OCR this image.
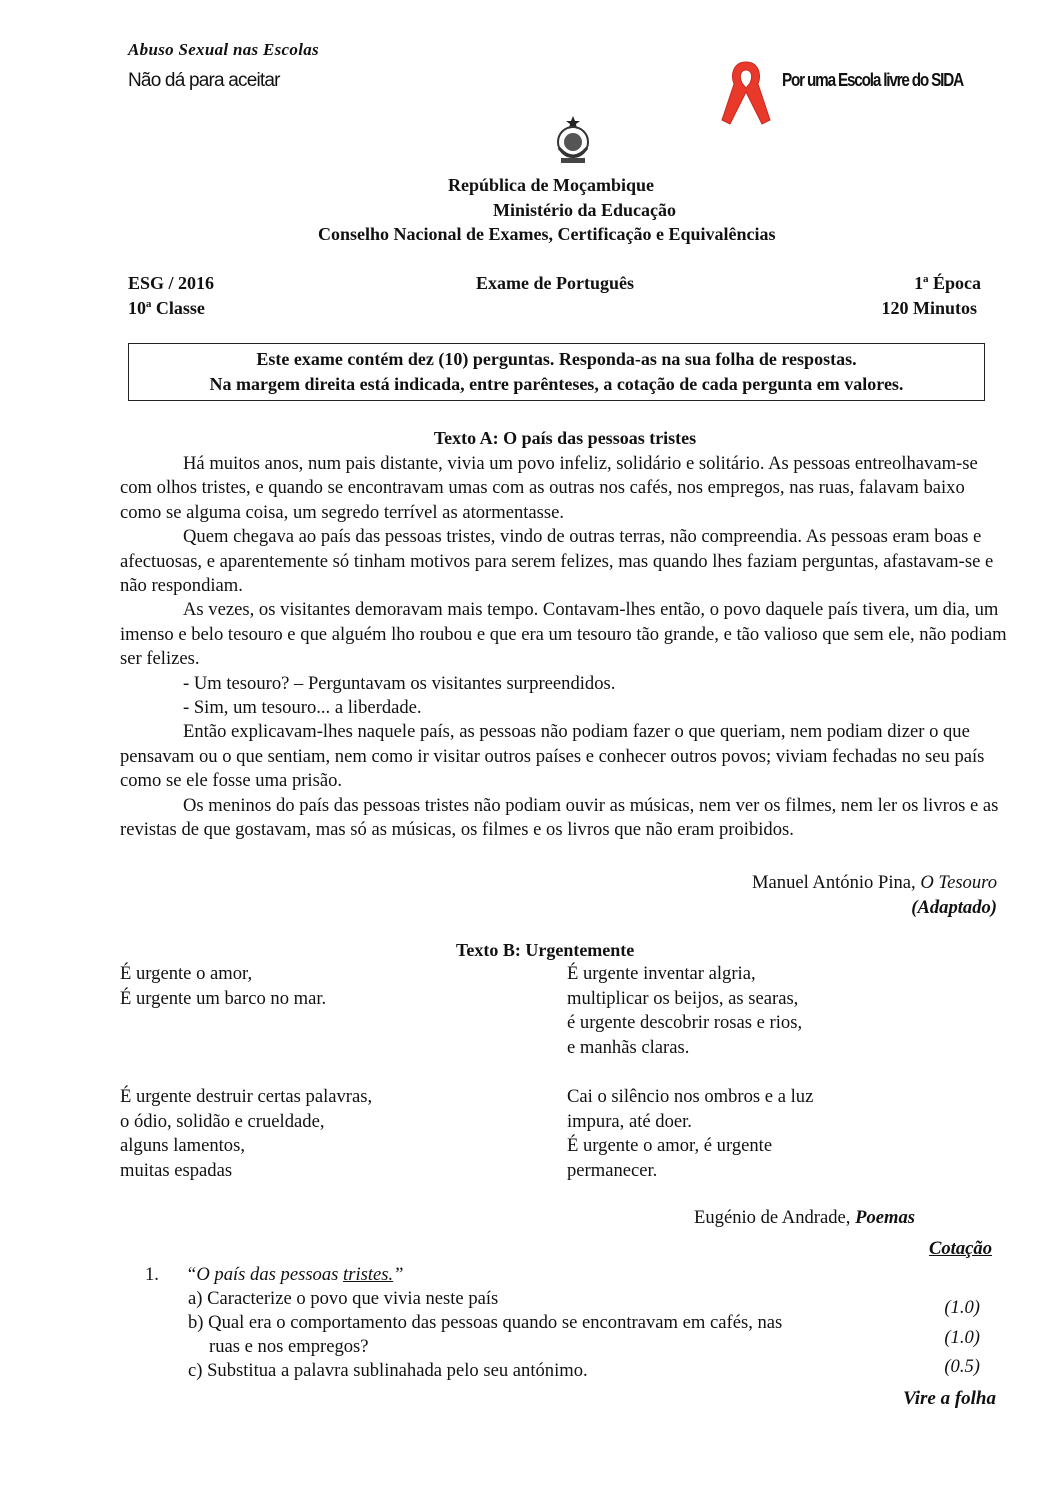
Abuso Sexual nas Escolas
Não dá para aceitar	Por uma Escola livre do SIDA
República de Moçambique
Ministério da Educação
Conselho Nacional de Exames, Certificação e Equivalências
ESG / 2016
10ª Classe
Exame de Português	1ª Época
120 Minutos
Este exame contém dez (10) perguntas. Responda-as na sua folha de respostas.
Na margem direita está indicada, entre parênteses, a cotação de cada pergunta em valores.
Texto A: O país das pessoas tristes

Há muitos anos, num pais distante, vivia um povo infeliz, solidário e solitário. As pessoas entreolhavam-se com olhos tristes, e quando se encontravam umas com as outras nos cafés, nos empregos, nas ruas, falavam baixo como se alguma coisa, um segredo terrível as atormentasse.

Quem chegava ao país das pessoas tristes, vindo de outras terras, não compreendia. As pessoas eram boas e afectuosas, e aparentemente só tinham motivos para serem felizes, mas quando lhes faziam perguntas, afastavam-se e não respondiam.

As vezes, os visitantes demoravam mais tempo. Contavam-lhes então, o povo daquele país tivera, um dia, um imenso e belo tesouro e que alguém lho roubou e que era um tesouro tão grande, e tão valioso que sem ele, não podiam ser felizes.

- Um tesouro? – Perguntavam os visitantes surpreendidos.

- Sim, um tesouro... a liberdade.

Então explicavam-lhes naquele país, as pessoas não podiam fazer o que queriam, nem podiam dizer o que pensavam ou o que sentiam, nem como ir visitar outros países e conhecer outros povos; viviam fechadas no seu país como se ele fosse uma prisão.

Os meninos do país das pessoas tristes não podiam ouvir as músicas, nem ver os filmes, nem ler os livros e as revistas de que gostavam, mas só as músicas, os filmes e os livros que não eram proibidos.

Manuel António Pina, O Tesouro
(Adaptado)
Texto B: Urgentemente
É urgente o amor,
É urgente um barco no mar.
É urgente inventar algria,
multiplicar os beijos, as searas,
é urgente descobrir rosas e rios,
e manhãs claras.
É urgente destruir certas palavras,
o ódio, solidão e crueldade,
alguns lamentos,
muitas espadas
Cai o silêncio nos ombros e a luz
impura, até doer.
É urgente o amor, é urgente
permanecer.
Eugénio de Andrade, Poemas
Cotação
1. “O país das pessoas tristes.”
a) Caracterize o povo que vivia neste país
b) Qual era o comportamento das pessoas quando se encontravam em cafés, nas
ruas e nos empregos?
c) Substitua a palavra sublinahada pelo seu antónimo.
(1.0)
(1.0)
(0.5)
Vire a folha
